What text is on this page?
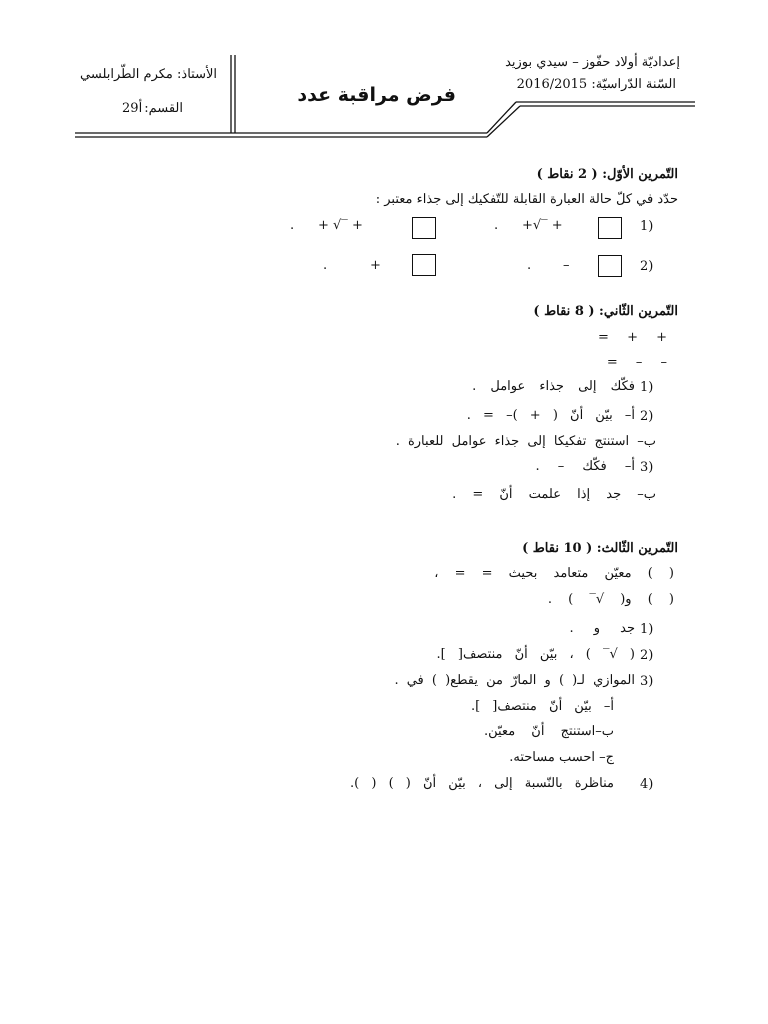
إعداديّة أولاد حفّوز – سيدي بوزيد
السّنة الدّراسيّة: 2016/2015
فرض مراقبة عدد
الأستاذ: مكرم الطّرابلسي
القسم:
2أ9
التّمرين الأوّل: ( 2 نقاط )
حدّد في كلّ حالة العبارة القابلة للتّفكيك إلى جذاء معتبر :
1)
+√‾ +
.
+ √‾ +
.
2)
–
.
+
.
التّمرين الثّاني: ( 8 نقاط )
+ + =
– – =
1)
فكّك إلى جذاء عوامل .
2)
أ– بيّن أنّ ( + )– = .
ب– استنتج تفكيكا إلى جذاء عوامل للعبارة .
3)
أ– فكّك – .
ب– جد إذا علمت أنّ = .
التّمرين الثّالث: ( 10 نقاط )
( ) معيّن متعامد بحيث = = ،
( ) و( √‾ ) .
1)
جد و .
2)
( √‾ ) ، بيّن أنّ منتصف[ ].
3)
الموازي لـ( ) و المارّ من يقطع( ) في .
أ– بيّن أنّ منتصف[ ].
ب–استنتج أنّ معيّن.
ج– احسب مساحته.
4)
مناظرة بالنّسبة إلى ، بيّن أنّ ( ) ( ).
